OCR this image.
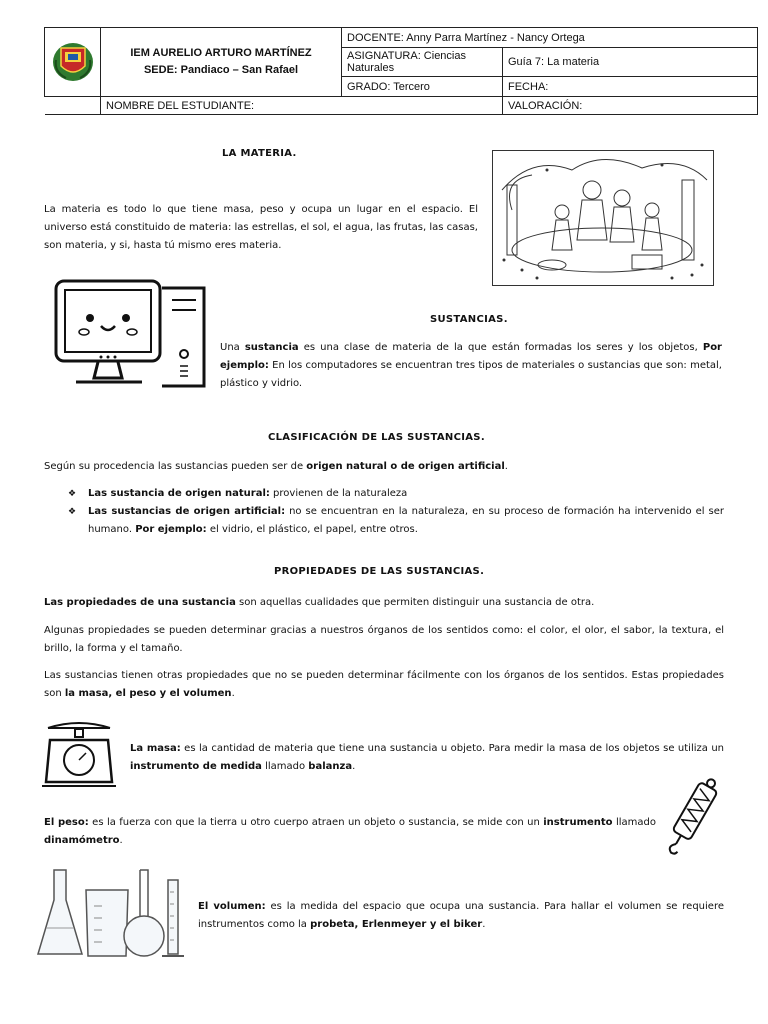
IEM AURELIO ARTURO MARTÍNEZ
SEDE: Pandiaco – San Rafael	DOCENTE: Anny Parra Martínez - Nancy Ortega	
		ASIGNATURA: Ciencias Naturales	Guía 7: La materia
		GRADO: Tercero	FECHA:
	NOMBRE DEL ESTUDIANTE:		VALORACIÓN:
LA MATERIA.
La materia es todo lo que tiene masa, peso y ocupa un lugar en el espacio. El universo está constituido de materia: las estrellas, el sol, el agua, las frutas, las casas, son materia, y si, hasta tú mismo eres materia.
SUSTANCIAS.
Una sustancia es una clase de materia de la que están formadas los seres y los objetos, Por ejemplo: En los computadores se encuentran tres tipos de materiales o sustancias que son: metal, plástico y vidrio.
CLASIFICACIÓN DE LAS SUSTANCIAS.
Según su procedencia las sustancias pueden ser de origen natural o de origen artificial.
❖ Las sustancia de origen natural: provienen de la naturaleza
❖ Las sustancias de origen artificial: no se encuentran en la naturaleza, en su proceso de formación ha intervenido el ser humano. Por ejemplo: el vidrio, el plástico, el papel, entre otros.
PROPIEDADES DE LAS SUSTANCIAS.
Las propiedades de una sustancia son aquellas cualidades que permiten distinguir una sustancia de otra.
Algunas propiedades se pueden determinar gracias a nuestros órganos de los sentidos como: el color, el olor, el sabor, la textura, el brillo, la forma y el tamaño.
Las sustancias tienen otras propiedades que no se pueden determinar fácilmente con los órganos de los sentidos. Estas propiedades son la masa, el peso y el volumen.
La masa: es la cantidad de materia que tiene una sustancia u objeto. Para medir la masa de los objetos se utiliza un instrumento de medida llamado balanza.
El peso: es la fuerza con que la tierra u otro cuerpo atraen un objeto o sustancia, se mide con un instrumento llamado dinamómetro.
El volumen: es la medida del espacio que ocupa una sustancia. Para hallar el volumen se requiere instrumentos como la probeta, Erlenmeyer y el biker.
